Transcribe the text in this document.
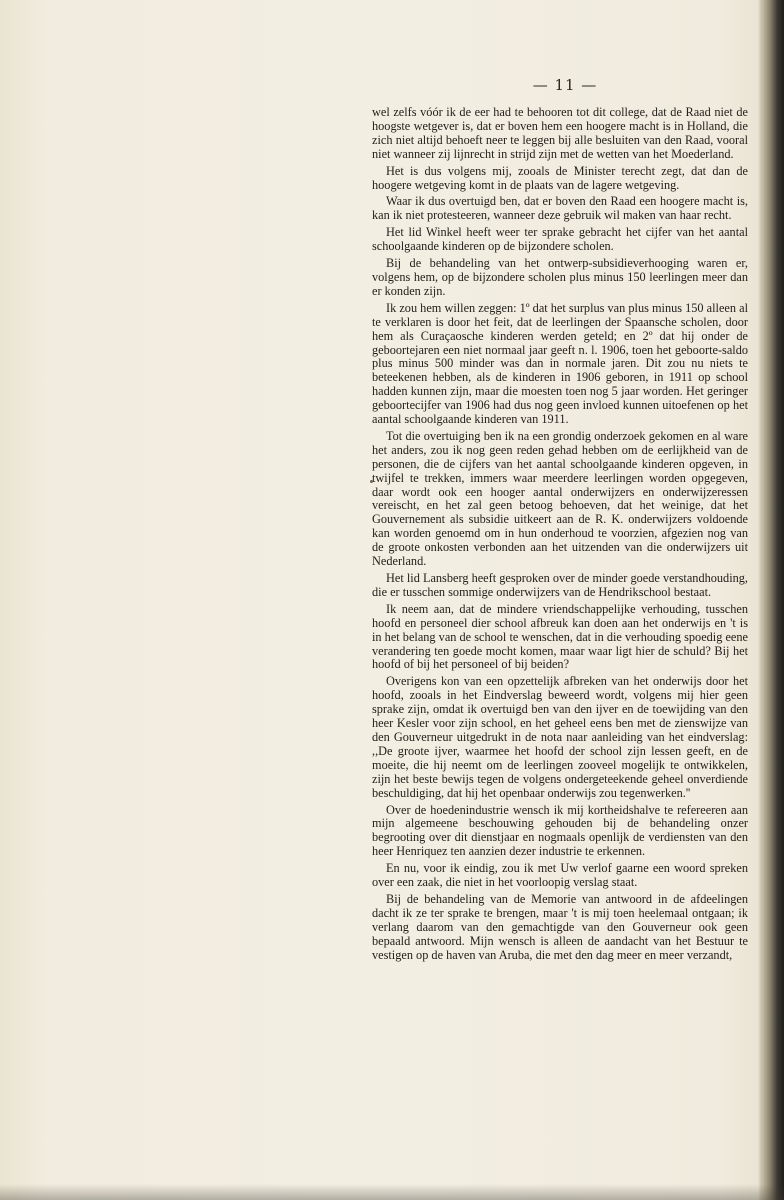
— 11 —

wel zelfs vóór ik de eer had te behooren tot dit college, dat de Raad niet de hoogste wetgever is, dat er boven hem een hoogere macht is in Holland, die zich niet altijd behoeft neer te leggen bij alle besluiten van den Raad, vooral niet wanneer zij lijnrecht in strijd zijn met de wetten van het Moederland.

Het is dus volgens mij, zooals de Minister terecht zegt, dat dan de hoogere wetgeving komt in de plaats van de lagere wetgeving.

Waar ik dus overtuigd ben, dat er boven den Raad een hoogere macht is, kan ik niet protesteeren, wanneer deze gebruik wil maken van haar recht.

Het lid Winkel heeft weer ter sprake gebracht het cijfer van het aantal schoolgaande kinderen op de bijzondere scholen.

Bij de behandeling van het ontwerp-subsidieverhooging waren er, volgens hem, op de bijzondere scholen plus minus 150 leerlingen meer dan er konden zijn.

Ik zou hem willen zeggen: 1º dat het surplus van plus minus 150 alleen al te verklaren is door het feit, dat de leerlingen der Spaansche scholen, door hem als Curaçaosche kinderen werden geteld; en 2º dat hij onder de geboortejaren een niet normaal jaar geeft n. l. 1906, toen het geboorte-saldo plus minus 500 minder was dan in normale jaren. Dit zou nu niets te beteekenen hebben, als de kinderen in 1906 geboren, in 1911 op school hadden kunnen zijn, maar die moesten toen nog 5 jaar worden. Het geringer geboortecijfer van 1906 had dus nog geen invloed kunnen uitoefenen op het aantal schoolgaande kinderen van 1911.

Tot die overtuiging ben ik na een grondig onderzoek gekomen en al ware het anders, zou ik nog geen reden gehad hebben om de eerlijkheid van de personen, die de cijfers van het aantal schoolgaande kinderen opgeven, in twijfel te trekken, immers waar meerdere leerlingen worden opgegeven, daar wordt ook een hooger aantal onderwijzers en onderwijzeressen vereischt, en het zal geen betoog behoeven, dat het weinige, dat het Gouvernement als subsidie uitkeert aan de R. K. onderwijzers voldoende kan worden genoemd om in hun onderhoud te voorzien, afgezien nog van de groote onkosten verbonden aan het uitzenden van die onderwijzers uit Nederland.

Het lid Lansberg heeft gesproken over de minder goede verstandhouding, die er tusschen sommige onderwijzers van de Hendrikschool bestaat.

Ik neem aan, dat de mindere vriendschappelijke verhouding, tusschen hoofd en personeel dier school afbreuk kan doen aan het onderwijs en 't is in het belang van de school te wenschen, dat in die verhouding spoedig eene verandering ten goede mocht komen, maar waar ligt hier de schuld? Bij het hoofd of bij het personeel of bij beiden?

Overigens kon van een opzettelijk afbreken van het onderwijs door het hoofd, zooals in het Eindverslag beweerd wordt, volgens mij hier geen sprake zijn, omdat ik overtuigd ben van den ijver en de toewijding van den heer Kesler voor zijn school, en het geheel eens ben met de zienswijze van den Gouverneur uitgedrukt in de nota naar aanleiding van het eindverslag: ,,De groote ijver, waarmee het hoofd der school zijn lessen geeft, en de moeite, die hij neemt om de leerlingen zooveel mogelijk te ontwikkelen, zijn het beste bewijs tegen de volgens ondergeteekende geheel onverdiende beschuldiging, dat hij het openbaar onderwijs zou tegenwerken.''

Over de hoedenindustrie wensch ik mij kortheidshalve te refereeren aan mijn algemeene beschouwing gehouden bij de behandeling onzer begrooting over dit dienstjaar en nogmaals openlijk de verdiensten van den heer Henriquez ten aanzien dezer industrie te erkennen.

En nu, voor ik eindig, zou ik met Uw verlof gaarne een woord spreken over een zaak, die niet in het voorloopig verslag staat.

Bij de behandeling van de Memorie van antwoord in de afdeelingen dacht ik ze ter sprake te brengen, maar 't is mij toen heelemaal ontgaan; ik verlang daarom van den gemachtigde van den Gouverneur ook geen bepaald antwoord. Mijn wensch is alleen de aandacht van het Bestuur te vestigen op de haven van Aruba, die met den dag meer en meer verzandt,
